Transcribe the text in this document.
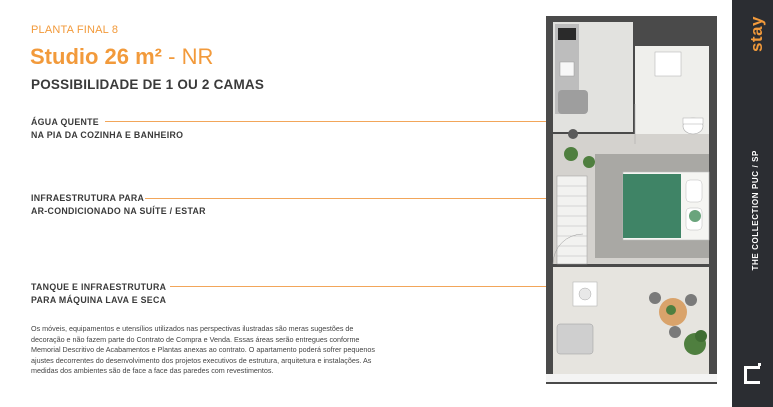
PLANTA FINAL 8
Studio 26 m² - NR
POSSIBILIDADE DE 1 OU 2 CAMAS
ÁGUA QUENTE
NA PIA DA COZINHA E BANHEIRO
INFRAESTRUTURA PARA
AR-CONDICIONADO NA SUÍTE / ESTAR
TANQUE E INFRAESTRUTURA
PARA MÁQUINA LAVA E SECA
Os móveis, equipamentos e utensílios utilizados nas perspectivas ilustradas são meras sugestões de decoração e não fazem parte do Contrato de Compra e Venda. Essas áreas serão entregues conforme Memorial Descritivo de Acabamentos e Plantas anexas ao contrato. O apartamento poderá sofrer pequenos ajustes decorrentes do desenvolvimento dos projetos executivos de estrutura, arquitetura e instalações. As medidas dos ambientes são de face a face das paredes com revestimentos.
stay
THE COLLECTION PUC / SP
